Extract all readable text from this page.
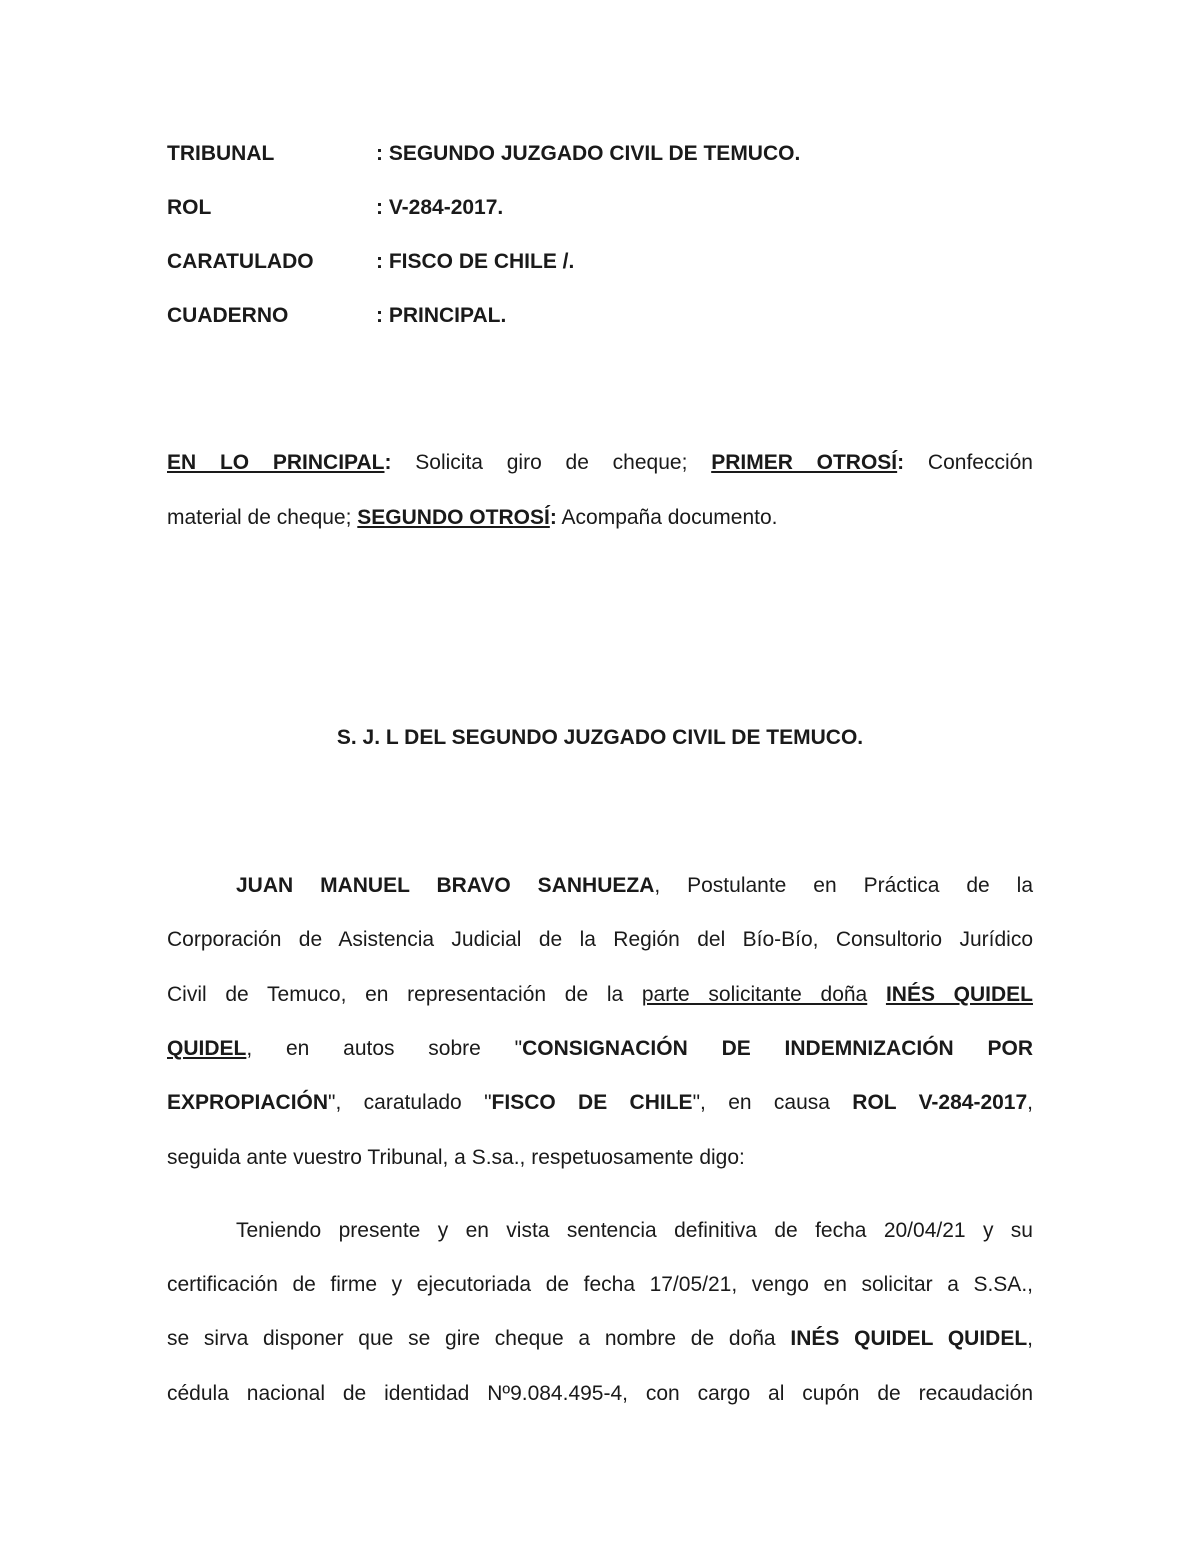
TRIBUNAL	: SEGUNDO JUZGADO CIVIL DE TEMUCO.
ROL	: V-284-2017.
CARATULADO	: FISCO DE CHILE /.
CUADERNO	: PRINCIPAL.
EN LO PRINCIPAL: Solicita giro de cheque; PRIMER OTROSÍ: Confección
material de cheque; SEGUNDO OTROSÍ: Acompaña documento.
S. J. L DEL SEGUNDO JUZGADO CIVIL DE TEMUCO.
JUAN MANUEL BRAVO SANHUEZA, Postulante en Práctica de la
Corporación de Asistencia Judicial de la Región del Bío-Bío, Consultorio Jurídico
Civil de Temuco, en representación de la parte solicitante doña INÉS QUIDEL
QUIDEL, en autos sobre "CONSIGNACIÓN DE INDEMNIZACIÓN POR
EXPROPIACIÓN", caratulado "FISCO DE CHILE", en causa ROL V-284-2017,
seguida ante vuestro Tribunal, a S.sa., respetuosamente digo:
Teniendo presente y en vista sentencia definitiva de fecha 20/04/21 y su
certificación de firme y ejecutoriada de fecha 17/05/21, vengo en solicitar a S.SA.,
se sirva disponer que se gire cheque a nombre de doña INÉS QUIDEL QUIDEL,
cédula nacional de identidad Nº9.084.495-4, con cargo al cupón de recaudación
